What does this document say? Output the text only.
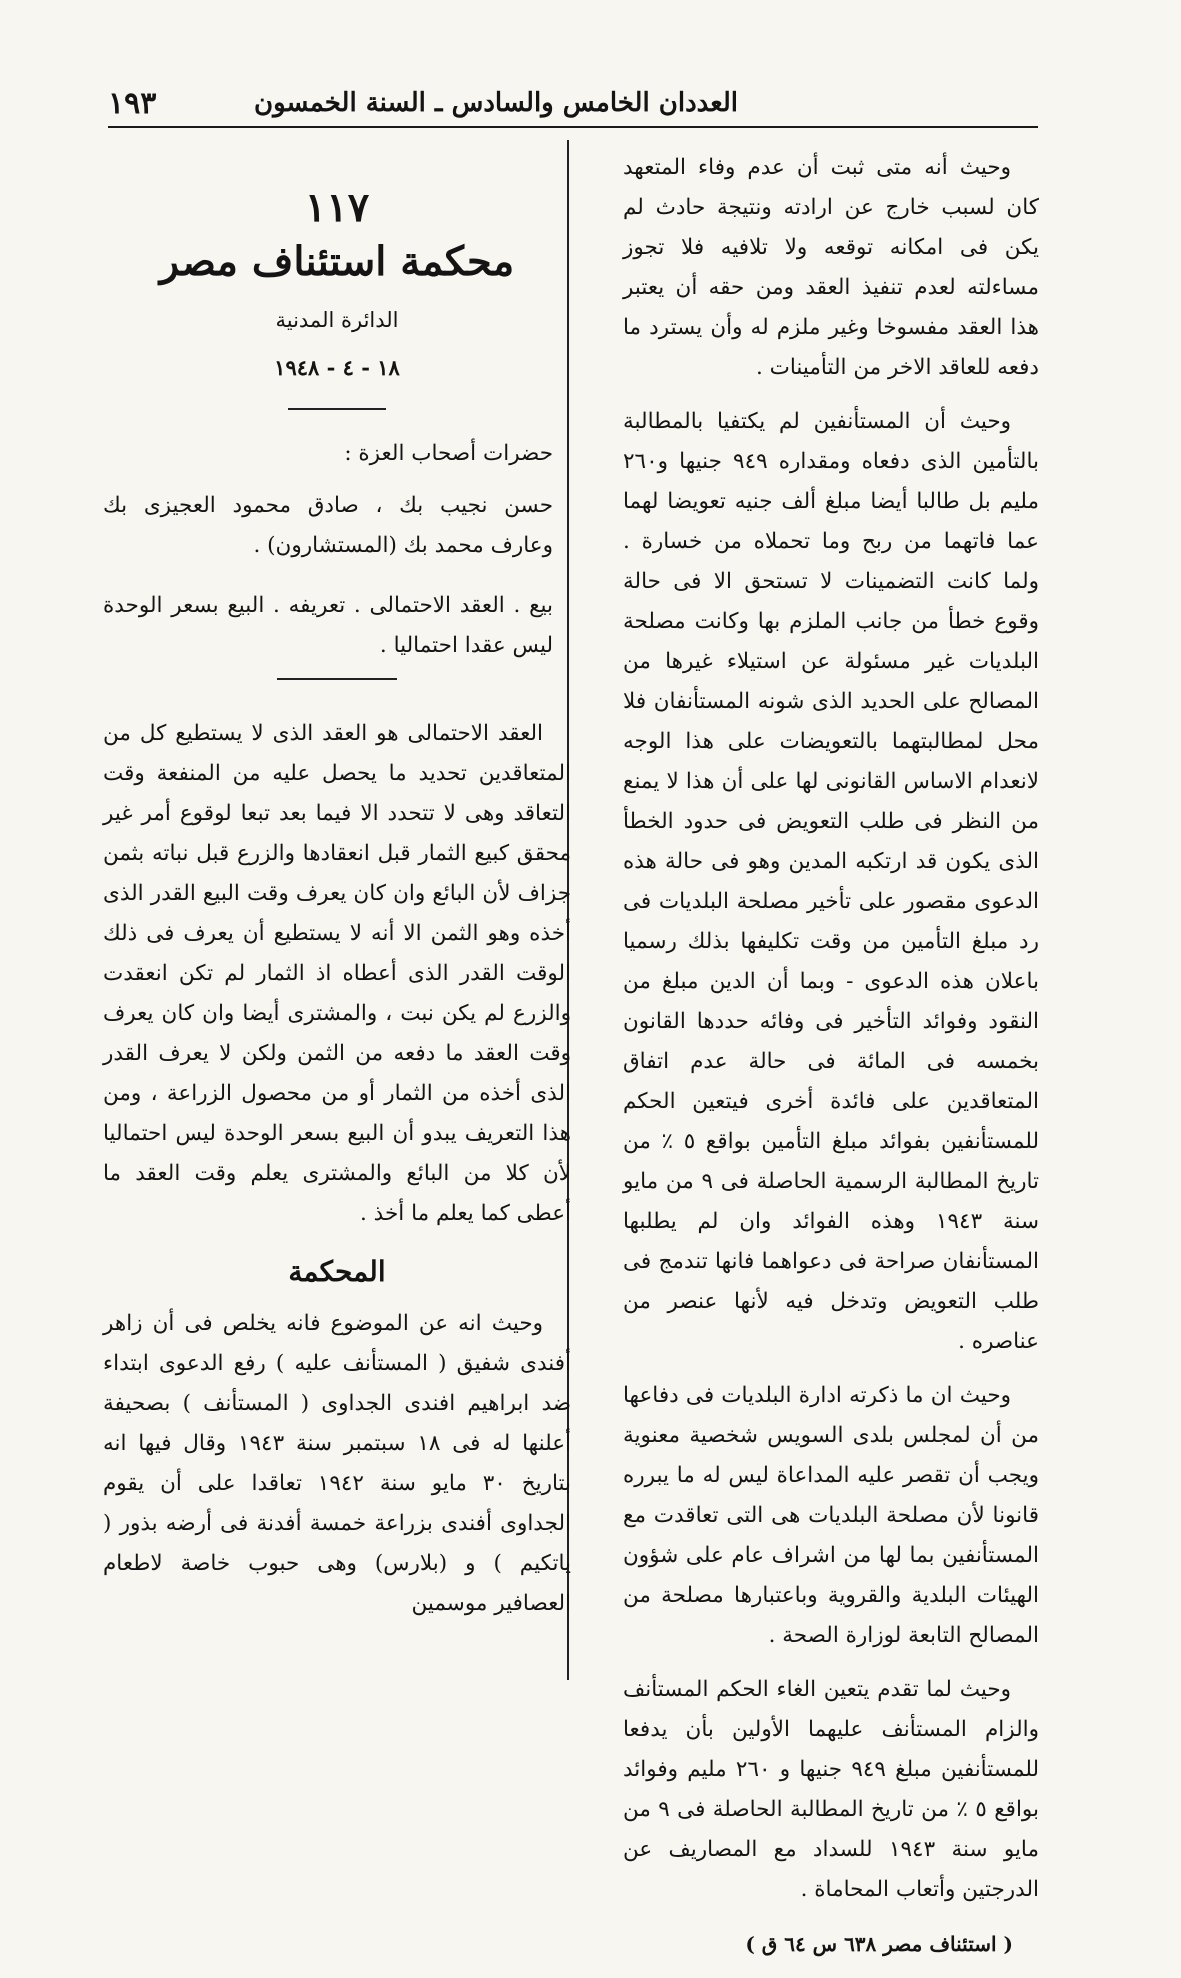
العددان الخامس والسادس ـ السنة الخمسون
١٩٣

وحيث أنه متى ثبت أن عدم وفاء المتعهد كان لسبب خارج عن ارادته ونتيجة حادث لم يكن فى امكانه توقعه ولا تلافيه فلا تجوز مساءلته لعدم تنفيذ العقد ومن حقه أن يعتبر هذا العقد مفسوخا وغير ملزم له وأن يسترد ما دفعه للعاقد الاخر من التأمينات .

وحيث أن المستأنفين لم يكتفيا بالمطالبة بالتأمين الذى دفعاه ومقداره ٩٤٩ جنيها و٢٦٠ مليم بل طالبا أيضا مبلغ ألف جنيه تعويضا لهما عما فاتهما من ربح وما تحملاه من خسارة . ولما كانت التضمينات لا تستحق الا فى حالة وقوع خطأ من جانب الملزم بها وكانت مصلحة البلديات غير مسئولة عن استيلاء غيرها من المصالح على الحديد الذى شونه المستأنفان فلا محل لمطالبتهما بالتعويضات على هذا الوجه لانعدام الاساس القانونى لها على أن هذا لا يمنع من النظر فى طلب التعويض فى حدود الخطأ الذى يكون قد ارتكبه المدين وهو فى حالة هذه الدعوى مقصور على تأخير مصلحة البلديات فى رد مبلغ التأمين من وقت تكليفها بذلك رسميا باعلان هذه الدعوى - وبما أن الدين مبلغ من النقود وفوائد التأخير فى وفائه حددها القانون بخمسه فى المائة فى حالة عدم اتفاق المتعاقدين على فائدة أخرى فيتعين الحكم للمستأنفين بفوائد مبلغ التأمين بواقع ٥ ٪ من تاريخ المطالبة الرسمية الحاصلة فى ٩ من مايو سنة ١٩٤٣ وهذه الفوائد وان لم يطلبها المستأنفان صراحة فى دعواهما فانها تندمج فى طلب التعويض وتدخل فيه لأنها عنصر من عناصره .

وحيث ان ما ذكرته ادارة البلديات فى دفاعها من أن لمجلس بلدى السويس شخصية معنوية ويجب أن تقصر عليه المداعاة ليس له ما يبرره قانونا لأن مصلحة البلديات هى التى تعاقدت مع المستأنفين بما لها من اشراف عام على شؤون الهيئات البلدية والقروية وباعتبارها مصلحة من المصالح التابعة لوزارة الصحة .

وحيث لما تقدم يتعين الغاء الحكم المستأنف والزام المستأنف عليهما الأولين بأن يدفعا للمستأنفين مبلغ ٩٤٩ جنيها و ٢٦٠ مليم وفوائد بواقع ٥ ٪ من تاريخ المطالبة الحاصلة فى ٩ من مايو سنة ١٩٤٣ للسداد مع المصاريف عن الدرجتين وأتعاب المحاماة .

( استئناف مصر ٦٣٨ س ٦٤ ق )

١١٧
محكمة استئناف مصر
الدائرة المدنية
١٨ - ٤ - ١٩٤٨

حضرات أصحاب العزة :

حسن نجيب بك ، صادق محمود العجيزى بك وعارف محمد بك (المستشارون) .

بيع . العقد الاحتمالى . تعريفه . البيع بسعر الوحدة ليس عقدا احتماليا .

العقد الاحتمالى هو العقد الذى لا يستطيع كل من المتعاقدين تحديد ما يحصل عليه من المنفعة وقت التعاقد وهى لا تتحدد الا فيما بعد تبعا لوقوع أمر غير محقق كبيع الثمار قبل انعقادها والزرع قبل نباته بثمن جزاف لأن البائع وان كان يعرف وقت البيع القدر الذى أخذه وهو الثمن الا أنه لا يستطيع أن يعرف فى ذلك الوقت القدر الذى أعطاه اذ الثمار لم تكن انعقدت والزرع لم يكن نبت ، والمشترى أيضا وان كان يعرف وقت العقد ما دفعه من الثمن ولكن لا يعرف القدر الذى أخذه من الثمار أو من محصول الزراعة ، ومن هذا التعريف يبدو أن البيع بسعر الوحدة ليس احتماليا لأن كلا من البائع والمشترى يعلم وقت العقد ما أعطى كما يعلم ما أخذ .

المحكمة

وحيث انه عن الموضوع فانه يخلص فى أن زاهر أفندى شفيق ( المستأنف عليه ) رفع الدعوى ابتداء ضد ابراهيم افندى الجداوى ( المستأنف ) بصحيفة أعلنها له فى ١٨ سبتمبر سنة ١٩٤٣ وقال فيها انه بتاريخ ٣٠ مايو سنة ١٩٤٢ تعاقدا على أن يقوم الجداوى أفندى بزراعة خمسة أفدنة فى أرضه بذور ( ياتكيم ) و (بلارس) وهى حبوب خاصة لاطعام العصافير موسمين
